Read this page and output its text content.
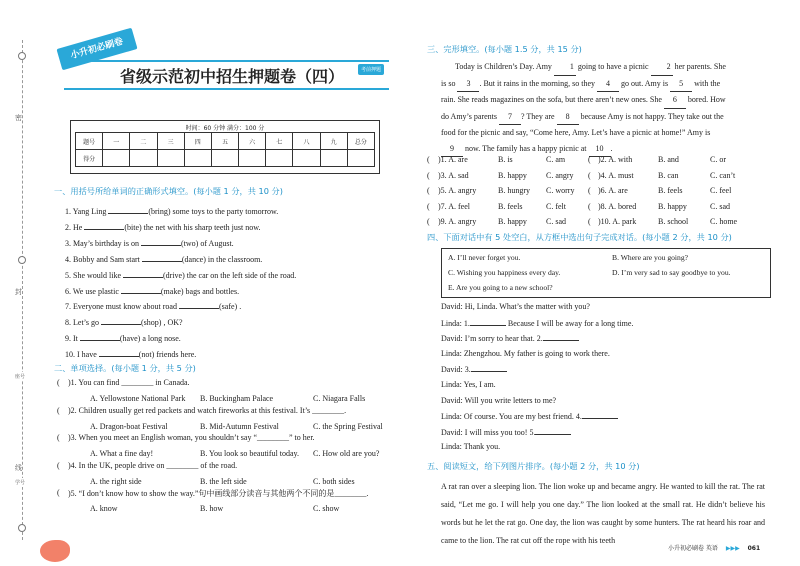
密
封
线
座号
学号
小升初必刷卷
省级示范初中招生押题卷（四）	考前押题
时间：60 分钟 满分：100 分
题号	一	二	三	四	五	六	七	八	九	总分
得分										
一、用括号所给单词的正确形式填空。(每小题 1 分，共 10 分)
1. Yang Ling	(bring) some toys to the party tomorrow.
2. He	(bite) the net with his sharp teeth just now.
3. May’s birthday is on	(two) of August.
4. Bobby and Sam start	(dance) in the classroom.
5. She would like	(drive) the car on the left side of the road.
6. We use plastic	(make) bags and bottles.
7. Everyone must know about road	(safe) .
8. Let’s go	(shop) , OK?
9. It	(have) a long nose.
10. I have	(not) friends here.
二、单项选择。(每小题 1 分，共 5 分)
( )1. You can find ________ in Canada.
A. Yellowstone National Park B. Buckingham Palace	C. Niagara Falls
( )2. Children usually get red packets and watch fireworks at this festival. It’s ________.
A. Dragon-boat Festival	B. Mid-Autumn Festival	C. the Spring Festival
( )3. When you meet an English woman, you shouldn’t say “________” to her.
A. What a fine day!	B. You look so beautiful today. C. How old are you?
( )4. In the UK, people drive on ________ of the road.
A. the right side	B. the left side	C. both sides
( )5. “I don’t know how to show the way.”句中画线部分读音与其他两个不同的是________.
A. know	B. how	C. show
三、完形填空。(每小题 1.5 分，共 15 分)
Today is Children’s Day. Amy 1 going to have a picnic 2 her parents. She
is so 3 . But it rains in the morning, so they 4 go out. Amy is 5 with the
rain. She reads magazines on the sofa, but there aren’t new ones. She 6 bored. How
do Amy’s parents 7 ? They are 8 because Amy is not happy. They take out the
food for the picnic and say, “Come here, Amy. Let’s have a picnic at home!” Amy is
9 now. The family has a happy picnic at 10 .
(	(
)1. A. are	B. is	C. am	)2. A. with	B. and	C. or
(	(
)3. A. sad	B. happy C. angry	)4. A. must	B. can	C. can’t
(	(
)5. A. angry	B. hungry C. worry	)6. A. are	B. feels	C. feel
(	(
)7. A. feel	B. feels	C. felt	)8. A. bored	B. happy	C. sad
(	(
)9. A. angry	B. happy C. sad	)10. A. park	B. school	C. home
四、下面对话中有 5 处空白，从方框中选出句子完成对话。(每小题 2 分，共 10 分)
A. I’ll never forget you.	B. Where are you going?
C. Wishing you happiness every day.	D. I’m very sad to say goodbye to you.
E. Are you going to a new school?
David: Hi, Linda. What’s the matter with you?
Linda: 1.	Because I will be away for a long time.
David: I’m sorry to hear that. 2.
Linda: Zhengzhou. My father is going to work there.
David: 3.
Linda: Yes, I am.
David: Will you write letters to me?
Linda: Of course. You are my best friend. 4.
David: I will miss you too! 5.
Linda: Thank you.
五、阅读短文，给下列图片排序。(每小题 2 分，共 10 分)
A rat ran over a sleeping lion. The lion woke up and became angry. He wanted to kill the rat. The rat said, “Let me go. I will help you one day.” The lion looked at the small rat. He didn’t believe his words but he let the rat go. One day, the lion was caught by some hunters. The rat heard his roar and came to the lion. The rat cut off the rope with his teeth
小升初必刷卷 英语 ▶▶▶ 061
